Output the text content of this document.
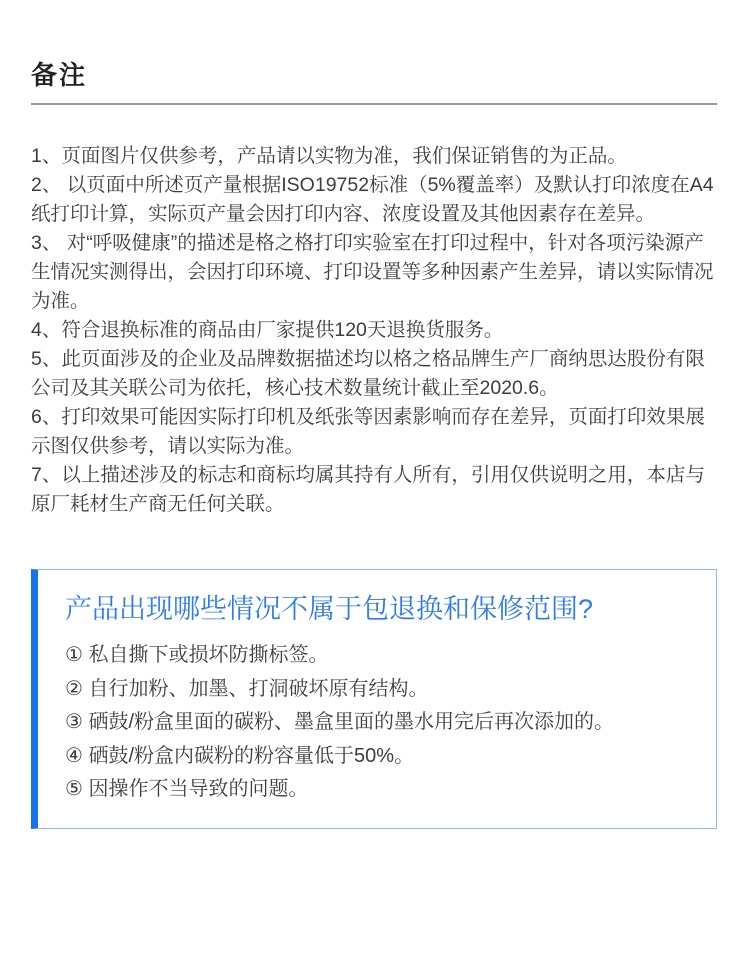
备注

1、页面图片仅供参考，产品请以实物为准，我们保证销售的为正品。

2、 以页面中所述页产量根据ISO19752标准（5%覆盖率）及默认打印浓度在A4纸打印计算，实际页产量会因打印内容、浓度设置及其他因素存在差异。

3、 对“呼吸健康”的描述是格之格打印实验室在打印过程中，针对各项污染源产生情况实测得出，会因打印环境、打印设置等多种因素产生差异，请以实际情况为准。

4、符合退换标准的商品由厂家提供120天退换货服务。

5、此页面涉及的企业及品牌数据描述均以格之格品牌生产厂商纳思达股份有限公司及其关联公司为依托，核心技术数量统计截止至2020.6。

6、打印效果可能因实际打印机及纸张等因素影响而存在差异，页面打印效果展示图仅供参考，请以实际为准。

7、以上描述涉及的标志和商标均属其持有人所有，引用仅供说明之用，本店与原厂耗材生产商无任何关联。

产品出现哪些情况不属于包退换和保修范围?

① 私自撕下或损坏防撕标签。

② 自行加粉、加墨、打洞破坏原有结构。

③ 硒鼓/粉盒里面的碳粉、墨盒里面的墨水用完后再次添加的。

④ 硒鼓/粉盒内碳粉的粉容量低于50%。

⑤ 因操作不当导致的问题。
